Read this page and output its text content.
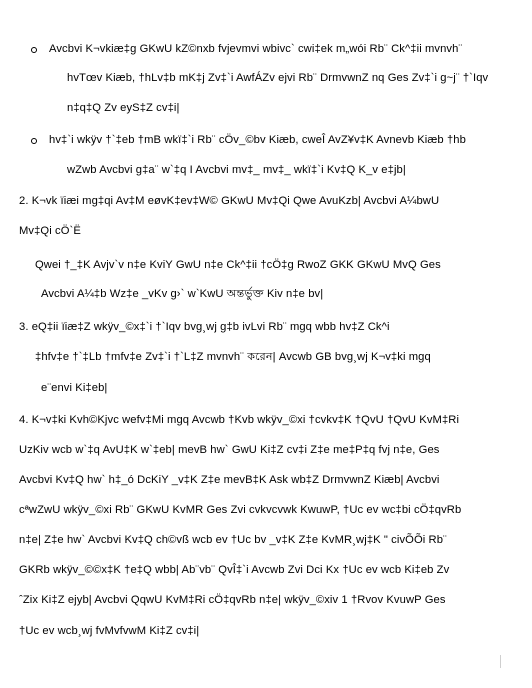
Avcbvi K¬vkiæ‡g GKwU kZ©nxb fvjevmvi wbivc` cwi‡ek m„wói Rb¨ Ck^‡ii mvnvh¨
hvTœv Kiæb, †hLv‡b mK‡j Zv‡`i AwfÁZv ejvi Rb¨ DrmvwnZ nq Ges Zv‡`i g~j¨ †`Iqv
n‡q‡Q Zv eyS‡Z cv‡i|
hv‡`i wkÿv †`‡eb †mB wkï‡`i Rb¨ cÖv_©bv Kiæb, cweÎ AvZ¥v‡K Avnevb Kiæb †hb
wZwb Avcbvi g‡a¨ w`‡q I Avcbvi mv‡_ mv‡_ wkï‡`i Kv‡Q K_v e‡jb|
2. K¬vk ïiæi mg‡qi Av‡M eøvK‡ev‡W© GKwU Mv‡Qi Qwe AvuKzb| Avcbvi A¼bwU
Mv‡Qi cÖ`Ë
Qwei †_‡K Avjv`v n‡e KviY GwU n‡e Ck^‡ii †cÖ‡g RwoZ GKK GKwU MvQ Ges
Avcbvi A¼‡b Wz‡e _vKv g›` w`KwU অন্তর্ভুক্ত Kiv n‡e bv|
3. eQ‡ii ïiæ‡Z wkÿv_©x‡`i †`Iqv bvg¸wj g‡b ivLvi Rb¨ mgq wbb hv‡Z Ck^i
‡hfv‡e †`‡Lb †mfv‡e Zv‡`i †`L‡Z mvnvh¨ করেন| Avcwb GB bvg¸wj K¬v‡ki mgq
e¨envi Ki‡eb|
4. K¬v‡ki Kvh©Kjvc wefv‡Mi mgq Avcwb †Kvb wkÿv_©xi †cvkv‡K †QvU †QvU KvM‡Ri
UzKiv wcb w`‡q AvU‡K w`‡eb| mevB hw` GwU Ki‡Z cv‡i Z‡e me‡P‡q fvj n‡e, Ges
Avcbvi Kv‡Q hw` h‡_ó DcKiY _v‡K Z‡e mevB‡K Ask wb‡Z DrmvwnZ Kiæb| Avcbvi
cªwZwU wkÿv_©xi Rb¨ GKwU KvMR Ges Zvi cvkvcvwk KwuwP, †Uc ev wc‡bi cÖ‡qvRb
n‡e| Z‡e hw` Avcbvi Kv‡Q ch©vß wcb ev †Uc bv _v‡K Z‡e KvMR¸wj‡K " civÕÕi Rb¨
GKRb wkÿv_©©x‡K †e‡Q wbb| Ab¨vb¨ QvÎ‡`i Avcwb Zvi Dci Kx †Uc ev wcb Ki‡eb Zv
ˆZix Ki‡Z ejyb| Avcbvi QqwU KvM‡Ri cÖ‡qvRb n‡e| wkÿv_©xiv 1 †Rvov KvuwP Ges
†Uc ev wcb¸wj fvMvfvwM Ki‡Z cv‡i|
